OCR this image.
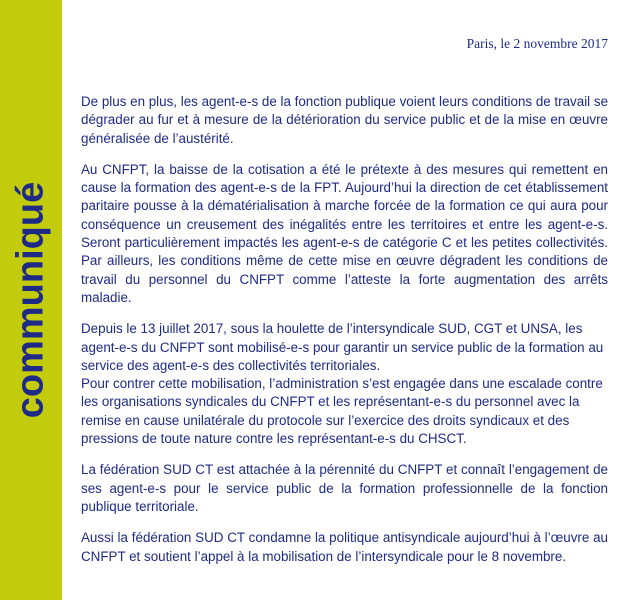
communiqué
Paris, le 2 novembre 2017

De plus en plus, les agent-e-s de la fonction publique voient leurs conditions de travail se dégrader au fur et à mesure de la détérioration du service public et de la mise en œuvre généralisée de l’austérité.

Au CNFPT, la baisse de la cotisation a été le prétexte à des mesures qui remettent en cause la formation des agent-e-s de la FPT. Aujourd’hui la direction de cet établissement paritaire pousse à la dématérialisation à marche forcée de la formation ce qui aura pour conséquence un creusement des inégalités entre les territoires et entre les agent-e-s. Seront particulièrement impactés les agent-e-s de catégorie C et les petites collectivités. Par ailleurs, les conditions même de cette mise en œuvre dégradent les conditions de travail du personnel du CNFPT comme l’atteste la forte augmentation des arrêts maladie.

Depuis le 13 juillet 2017, sous la houlette de l’intersyndicale SUD, CGT et UNSA, les agent-e-s du CNFPT sont mobilisé-e-s pour garantir un service public de la formation au service des agent-e-s des collectivités territoriales.
Pour contrer cette mobilisation, l’administration s’est engagée dans une escalade contre les organisations syndicales du CNFPT et les représentant-e-s du personnel avec la remise en cause unilatérale du protocole sur l’exercice des droits syndicaux et des pressions de toute nature contre les représentant-e-s du CHSCT.

La fédération SUD CT est attachée à la pérennité du CNFPT et connaît l’engagement de ses agent-e-s pour le service public de la formation professionnelle de la fonction publique territoriale.

Aussi la fédération SUD CT condamne la politique antisyndicale aujourd’hui à l’œuvre au CNFPT et soutient l’appel à la mobilisation de l’intersyndicale pour le 8 novembre.
